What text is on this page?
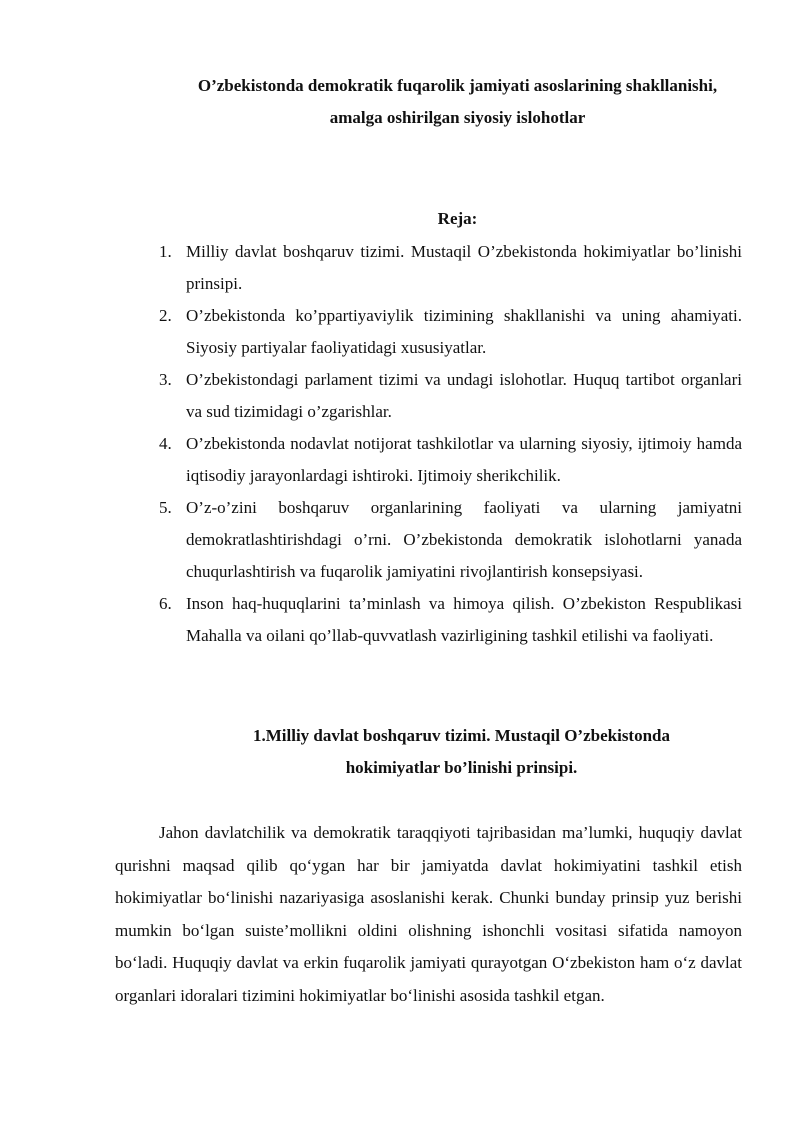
O’zbekistonda demokratik fuqarolik jamiyati asoslarining shakllanishi,
amalga oshirilgan siyosiy islohotlar
Reja:
1. Milliy davlat boshqaruv tizimi. Mustaqil O’zbekistonda hokimiyatlar bo’linishi prinsipi.
2. O’zbekistonda ko’ppartiyaviylik tizimining shakllanishi va uning ahamiyati. Siyosiy partiyalar faoliyatidagi xususiyatlar.
3. O’zbekistondagi parlament tizimi va undagi islohotlar. Huquq tartibot organlari va sud tizimidagi o’zgarishlar.
4. O’zbekistonda nodavlat notijorat tashkilotlar va ularning siyosiy, ijtimoiy hamda iqtisodiy jarayonlardagi ishtiroki. Ijtimoiy sherikchilik.
5. O’z-o’zini boshqaruv organlarining faoliyati va ularning jamiyatni demokratlashtirishdagi o’rni. O’zbekistonda demokratik islohotlarni yanada chuqurlashtirish va fuqarolik jamiyatini rivojlantirish konsepsiyasi.
6. Inson haq-huquqlarini ta’minlash va himoya qilish. O’zbekiston Respublikasi Mahalla va oilani qo’llab-quvvatlash vazirligining tashkil etilishi va faoliyati.
1.Milliy davlat boshqaruv tizimi. Mustaqil O’zbekistonda
hokimiyatlar bo’linishi prinsipi.

Jahon davlatchilik va demokratik taraqqiyoti tajribasidan ma’lumki, huquqiy davlat qurishni maqsad qilib qo‘ygan har bir jamiyatda davlat hokimiyatini tashkil etish hokimiyatlar bo‘linishi nazariyasiga asoslanishi kerak. Chunki bunday prinsip yuz berishi mumkin bo‘lgan suiste’mollikni oldini olishning ishonchli vositasi sifatida namoyon bo‘ladi. Huquqiy davlat va erkin fuqarolik jamiyati qurayotgan O‘zbekiston ham o‘z davlat organlari idoralari tizimini hokimiyatlar bo‘linishi asosida tashkil etgan.
